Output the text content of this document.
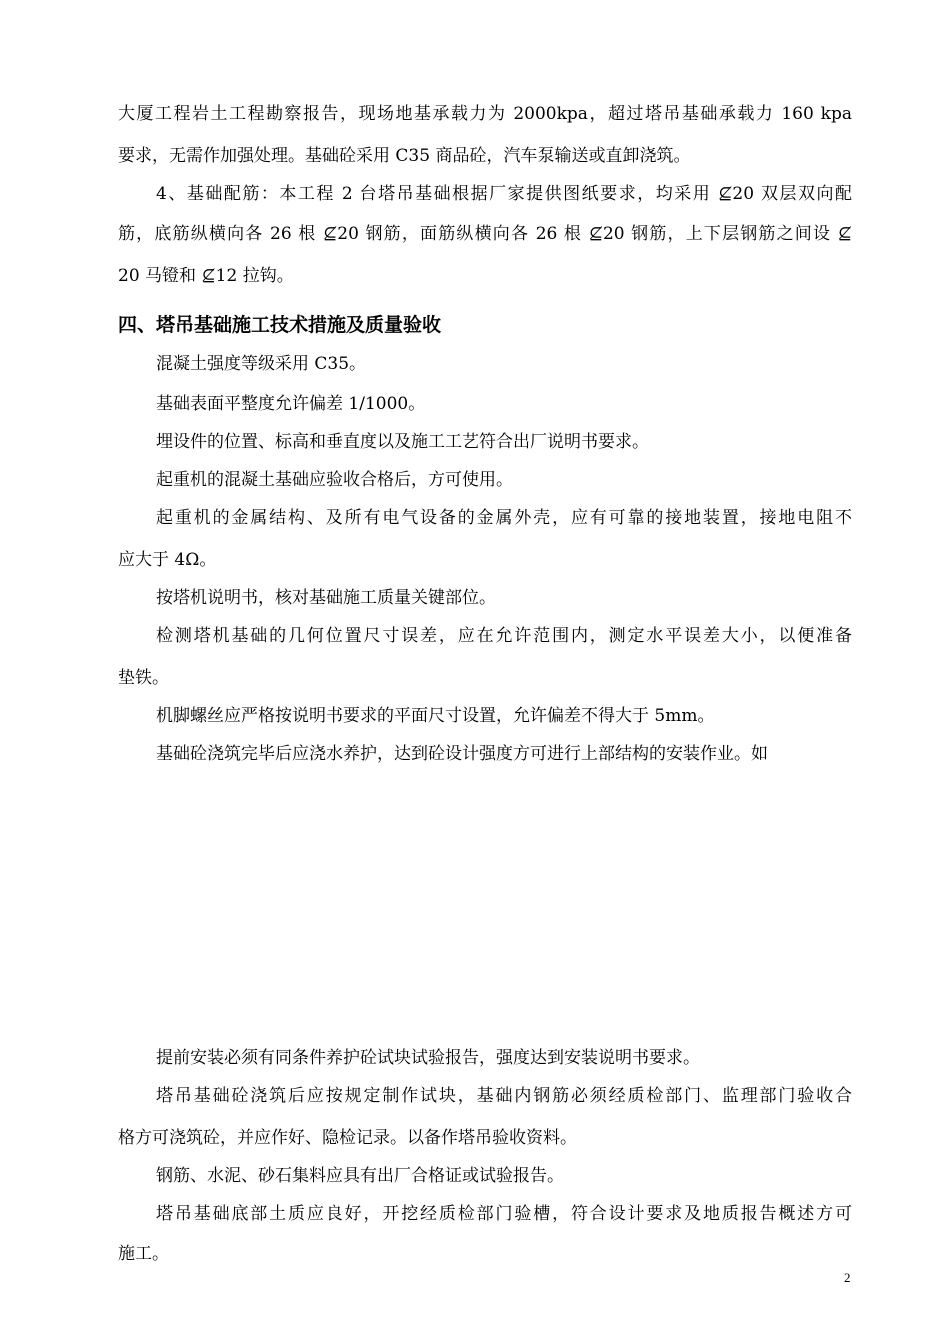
大厦工程岩土工程勘察报告，现场地基承载力为 2000kpa，超过塔吊基础承载力 160 kpa
要求，无需作加强处理。基础砼采用 C35 商品砼，汽车泵输送或直卸浇筑。
4、基础配筋：本工程 2 台塔吊基础根据厂家提供图纸要求，均采用 ⊈20 双层双向配
筋，底筋纵横向各 26 根 ⊈20 钢筋，面筋纵横向各 26 根 ⊈20 钢筋，上下层钢筋之间设 ⊈
20 马镫和 ⊈12 拉钩。
四、塔吊基础施工技术措施及质量验收
混凝土强度等级采用 C35。
基础表面平整度允许偏差 1/1000。
埋设件的位置、标高和垂直度以及施工工艺符合出厂说明书要求。
起重机的混凝土基础应验收合格后，方可使用。
起重机的金属结构、及所有电气设备的金属外壳，应有可靠的接地装置，接地电阻不
应大于 4Ω。
按塔机说明书，核对基础施工质量关键部位。
检测塔机基础的几何位置尺寸误差，应在允许范围内，测定水平误差大小，以便准备
垫铁。
机脚螺丝应严格按说明书要求的平面尺寸设置，允许偏差不得大于 5mm。
基础砼浇筑完毕后应浇水养护，达到砼设计强度方可进行上部结构的安装作业。如
提前安装必须有同条件养护砼试块试验报告，强度达到安装说明书要求。
塔吊基础砼浇筑后应按规定制作试块，基础内钢筋必须经质检部门、监理部门验收合
格方可浇筑砼，并应作好、隐检记录。以备作塔吊验收资料。
钢筋、水泥、砂石集料应具有出厂合格证或试验报告。
塔吊基础底部土质应良好，开挖经质检部门验槽，符合设计要求及地质报告概述方可
施工。
2
